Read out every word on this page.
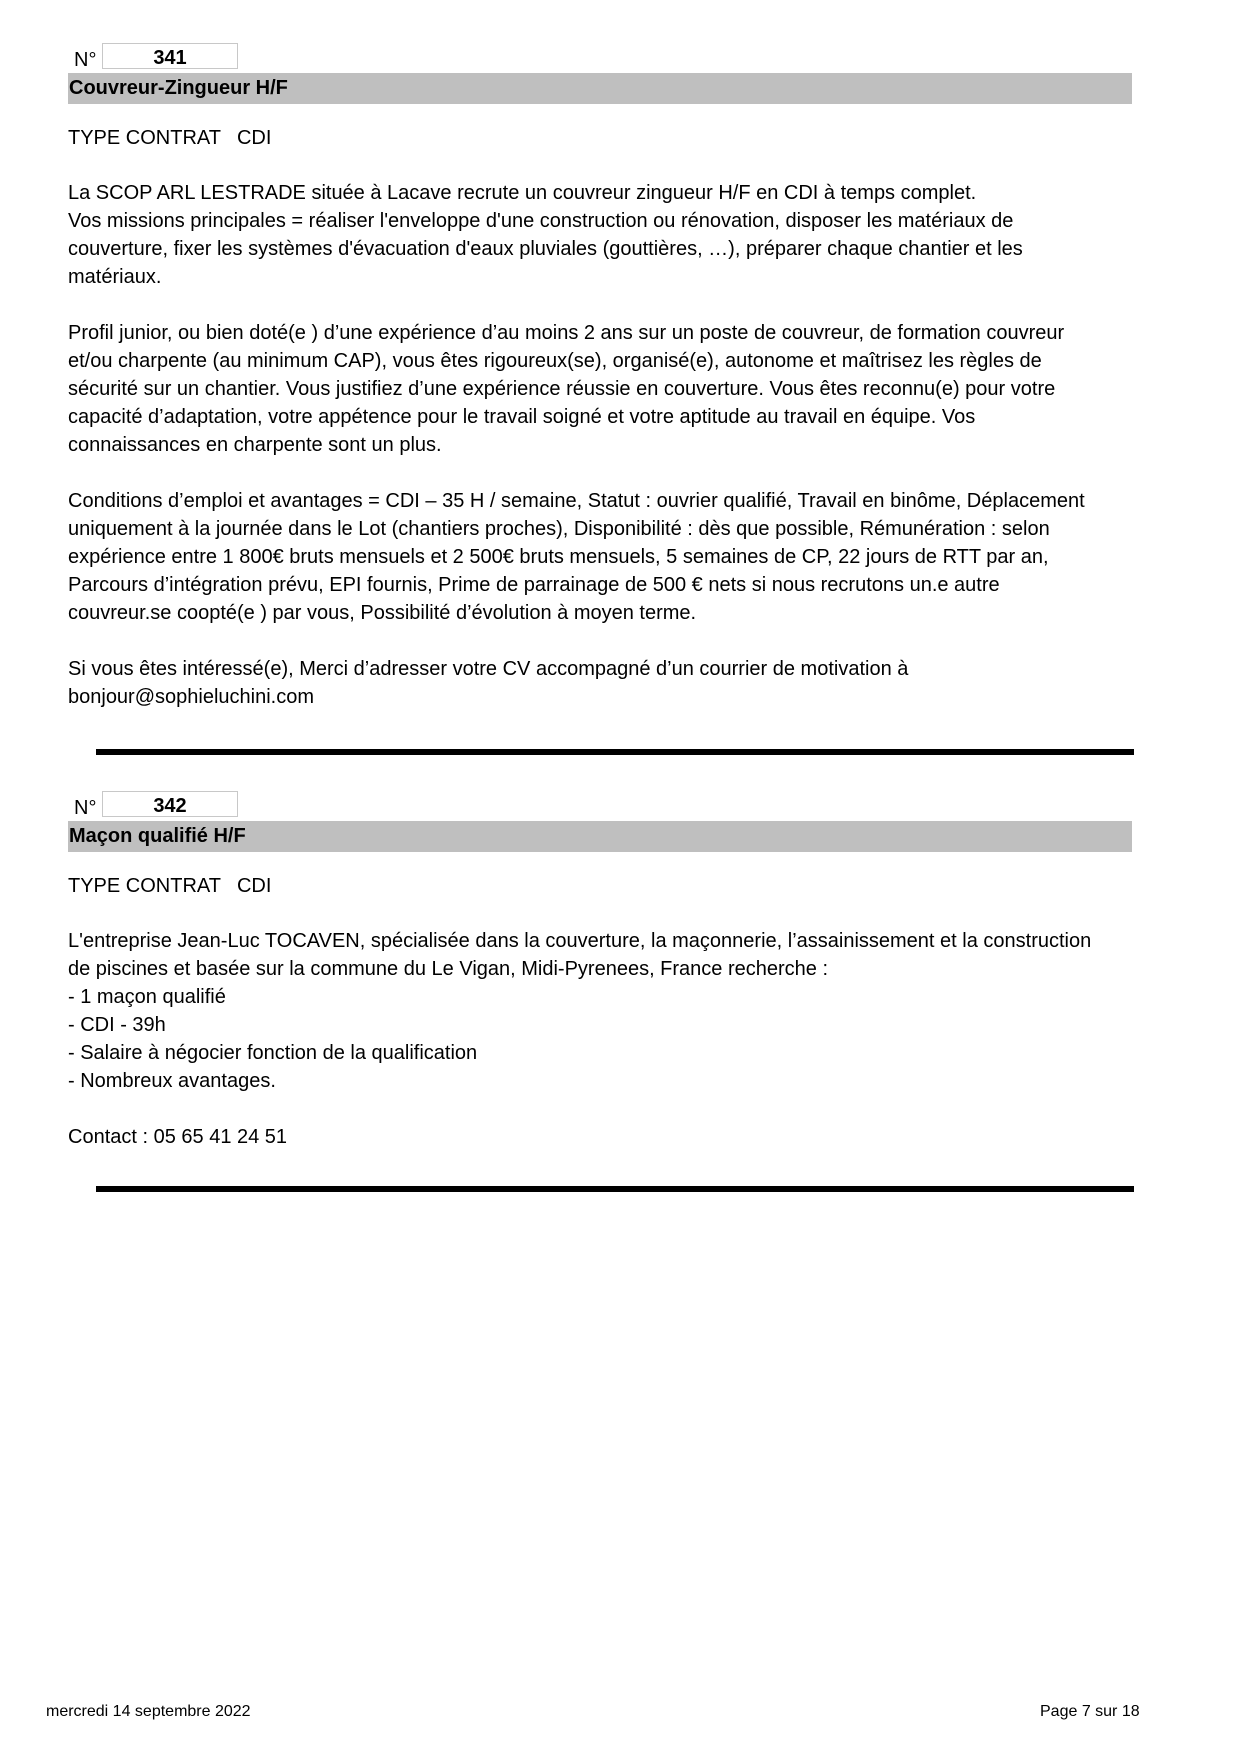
N°	341
Couvreur-Zingueur H/F
TYPE CONTRAT CDI
La SCOP ARL LESTRADE située à Lacave recrute un couvreur zingueur H/F en CDI à temps complet.
Vos missions principales = réaliser l'enveloppe d'une construction ou rénovation, disposer les matériaux de
couverture, fixer les systèmes d'évacuation d'eaux pluviales (gouttières, …), préparer chaque chantier et les
matériaux.
Profil junior, ou bien doté(e ) d’une expérience d’au moins 2 ans sur un poste de couvreur, de formation couvreur
et/ou charpente (au minimum CAP), vous êtes rigoureux(se), organisé(e), autonome et maîtrisez les règles de
sécurité sur un chantier. Vous justifiez d’une expérience réussie en couverture. Vous êtes reconnu(e) pour votre
capacité d’adaptation, votre appétence pour le travail soigné et votre aptitude au travail en équipe. Vos
connaissances en charpente sont un plus.
Conditions d’emploi et avantages = CDI – 35 H / semaine, Statut : ouvrier qualifié, Travail en binôme, Déplacement
uniquement à la journée dans le Lot (chantiers proches), Disponibilité : dès que possible, Rémunération : selon
expérience entre 1 800€ bruts mensuels et 2 500€ bruts mensuels, 5 semaines de CP, 22 jours de RTT par an,
Parcours d’intégration prévu, EPI fournis, Prime de parrainage de 500 € nets si nous recrutons un.e autre
couvreur.se coopté(e ) par vous, Possibilité d’évolution à moyen terme.
Si vous êtes intéressé(e), Merci d’adresser votre CV accompagné d’un courrier de motivation à
bonjour@sophieluchini.com
N°	342
Maçon qualifié H/F
TYPE CONTRAT CDI
L'entreprise Jean-Luc TOCAVEN, spécialisée dans la couverture, la maçonnerie, l’assainissement et la construction
de piscines et basée sur la commune du Le Vigan, Midi-Pyrenees, France recherche :
- 1 maçon qualifié
- CDI - 39h
- Salaire à négocier fonction de la qualification
- Nombreux avantages.
Contact : 05 65 41 24 51
mercredi 14 septembre 2022	Page 7 sur 18
